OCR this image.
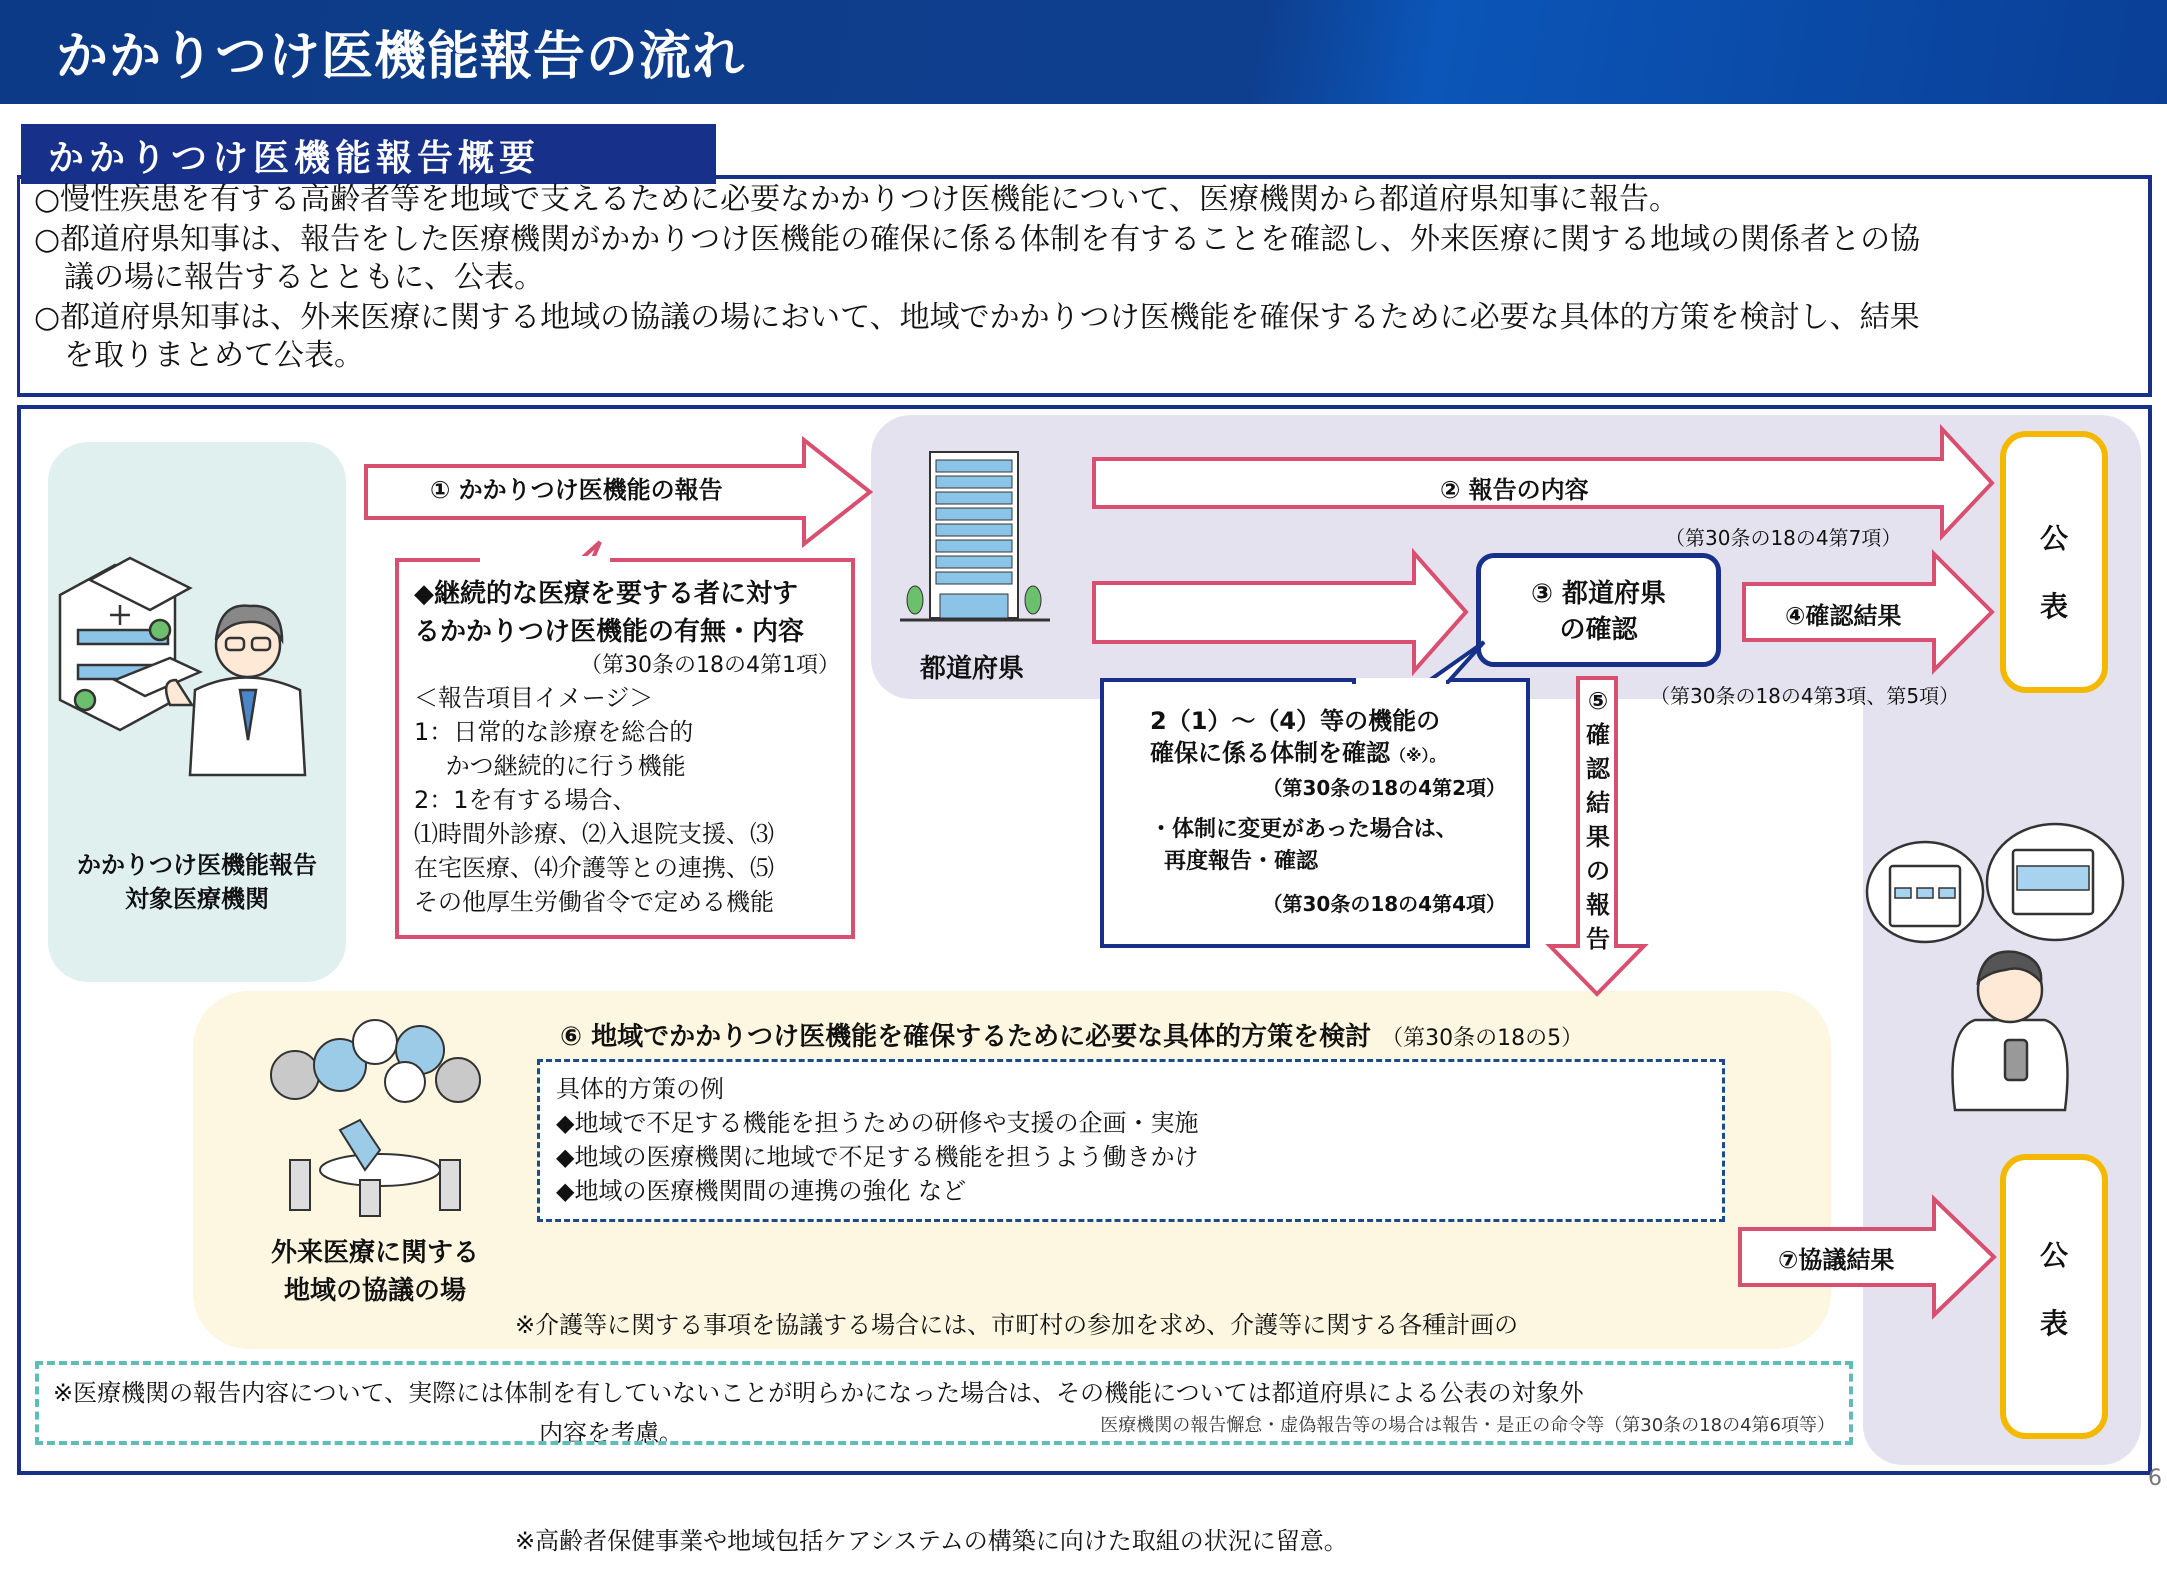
かかりつけ医機能報告の流れ
かかりつけ医機能報告概要
○慢性疾患を有する高齢者等を地域で支えるために必要なかかりつけ医機能について、医療機関から都道府県知事に報告。
○都道府県知事は、報告をした医療機関がかかりつけ医機能の確保に係る体制を有することを確認し、外来医療に関する地域の関係者との協
　議の場に報告するとともに、公表。
○都道府県知事は、外来医療に関する地域の協議の場において、地域でかかりつけ医機能を確保するために必要な具体的方策を検討し、結果
　を取りまとめて公表。
かかりつけ医機能報告
対象医療機関
① かかりつけ医機能の報告
◆継続的な医療を要する者に対す
るかかりつけ医機能の有無・内容
（第30条の18の4第1項）
＜報告項目イメージ＞
1：日常的な診療を総合的
　 かつ継続的に行う機能
2：1を有する場合、
⑴時間外診療、⑵入退院支援、⑶
在宅医療、⑷介護等との連携、⑸
その他厚生労働省令で定める機能
都道府県
② 報告の内容
（第30条の18の4第7項）
③ 都道府県
の確認	④確認結果
（第30条の18の4第3項、第5項）
公
表
2（1）～（4）等の機能の
確保に係る体制を確認（※）。
（第30条の18の4第2項）
・体制に変更があった場合は、
再度報告・確認
（第30条の18の4第4項）
⑤
確
認
結
果
の
報
告
⑥ 地域でかかりつけ医機能を確保するために必要な具体的方策を検討 （第30条の18の5）
具体的方策の例
◆地域で不足する機能を担うための研修や支援の企画・実施
◆地域の医療機関に地域で不足する機能を担うよう働きかけ
◆地域の医療機関間の連携の強化 など
外来医療に関する
地域の協議の場

※介護等に関する事項を協議する場合には、市町村の参加を求め、介護等に関する各種計画の

　内容を考慮。

※高齢者保健事業や地域包括ケアシステムの構築に向けた取組の状況に留意。

⑦協議結果	公
表
※医療機関の報告内容について、実際には体制を有していないことが明らかになった場合は、その機能については都道府県による公表の対象外
医療機関の報告懈怠・虚偽報告等の場合は報告・是正の命令等（第30条の18の4第6項等）
6
